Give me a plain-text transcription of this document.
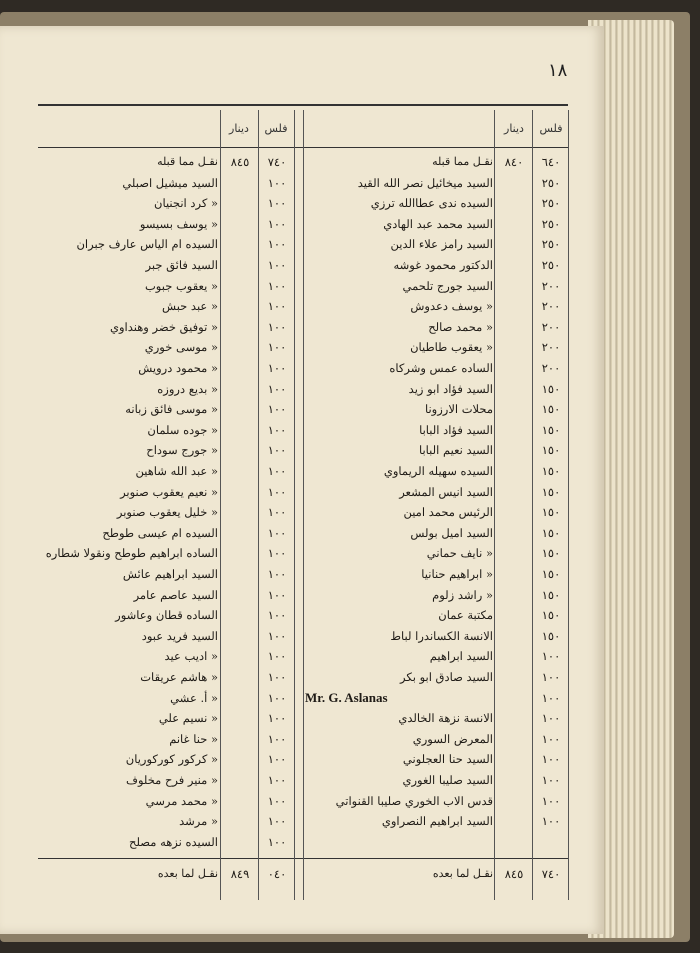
١٨
فلس
دينار
فلس
دينار
٦٤٠
٨٤٠
نقـل مما قبله
٢٥٠
السيد ميخائيل نصر الله القيد
٢٥٠
السيده ندى عطاالله ترزي
٢٥٠
السيد محمد عبد الهادي
٢٥٠
السيد رامز علاء الدين
٢٥٠
الدكتور محمود غوشه
٢٠٠
السيد جورج تلحمي
٢٠٠
« يوسف دعدوش
٢٠٠
« محمد صالح
٢٠٠
« يعقوب طاطيان
٢٠٠
الساده عمس وشركاه
١٥٠
السيد فؤاد ابو زيد
١٥٠
محلات الارزونا
١٥٠
السيد فؤاد البابا
١٥٠
السيد نعيم البابا
١٥٠
السيده سهيله الريماوي
١٥٠
السيد انيس المشعر
١٥٠
الرئيس محمد امين
١٥٠
السيد اميل بولس
١٥٠
« نايف حماني
١٥٠
« ابراهيم حنانيا
١٥٠
« راشد زلوم
١٥٠
مكتبة عمان
١٥٠
الانسة الكساندرا لباط
١٠٠
السيد ابراهيم
١٠٠
السيد صادق ابو بكر
١٠٠
Mr. G. Aslanas
١٠٠
الانسة نزهة الخالدي
١٠٠
المعرض السوري
١٠٠
السيد حنا العجلوني
١٠٠
السيد صليبا الغوري
١٠٠
قدس الاب الخوري صليبا القنواتي
١٠٠
السيد ابراهيم النصراوي
٧٤٠
٨٤٥
نقـل لما بعده
٧٤٠
٨٤٥
نقـل مما قبله
١٠٠
السيد ميشيل اصبلي
١٠٠
« كرد انجنيان
١٠٠
« يوسف بسيسو
١٠٠
السيده ام الياس عارف جبران
١٠٠
السيد فائق جبر
١٠٠
« يعقوب جبوب
١٠٠
« عبد حبش
١٠٠
« توفيق خضر وهنداوي
١٠٠
« موسى خوري
١٠٠
« محمود درويش
١٠٠
« بديع دروزه
١٠٠
« موسى فائق زبانه
١٠٠
« جوده سلمان
١٠٠
« جورج سوداح
١٠٠
« عبد الله شاهين
١٠٠
« نعيم يعقوب صنوبر
١٠٠
« خليل يعقوب صنوبر
١٠٠
السيده ام عيسى طوطح
١٠٠
الساده ابراهيم طوطح ونقولا شطاره
١٠٠
السيد ابراهيم عائش
١٠٠
السيد عاصم عامر
١٠٠
الساده قطان وعاشور
١٠٠
السيد فريد عبود
١٠٠
« اديب عيد
١٠٠
« هاشم عريقات
١٠٠
« أ. عشي
١٠٠
« نسيم علي
١٠٠
« حنا غانم
١٠٠
« كركور كوركوريان
١٠٠
« منير فرح مخلوف
١٠٠
« محمد مرسي
١٠٠
« مرشد
١٠٠
السيده نزهه مصلح
٠٤٠
٨٤٩
نقـل لما بعده
